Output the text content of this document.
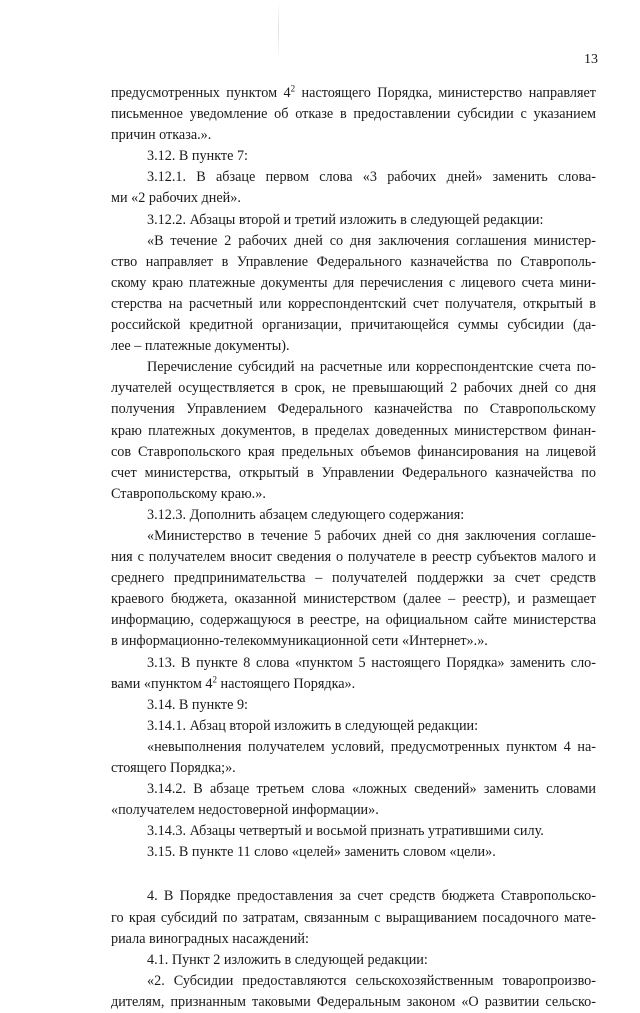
13
предусмотренных пунктом $4^2$ настоящего Порядка, министерство направляет
письменное уведомление об отказе в предоставлении субсидии с указанием
причин отказа.».
3.12. В пункте 7:
3.12.1. В абзаце первом слова «3 рабочих дней» заменить слова-
ми «2 рабочих дней».
3.12.2. Абзацы второй и третий изложить в следующей редакции:
«В течение 2 рабочих дней со дня заключения соглашения министер-
ство направляет в Управление Федерального казначейства по Ставрополь-
скому краю платежные документы для перечисления с лицевого счета мини-
стерства на расчетный или корреспондентский счет получателя, открытый в
российской кредитной организации, причитающейся суммы субсидии (да-
лее – платежные документы).
Перечисление субсидий на расчетные или корреспондентские счета по-
лучателей осуществляется в срок, не превышающий 2 рабочих дней со дня
получения Управлением Федерального казначейства по Ставропольскому
краю платежных документов, в пределах доведенных министерством финан-
сов Ставропольского края предельных объемов финансирования на лицевой
счет министерства, открытый в Управлении Федерального казначейства по
Ставропольскому краю.».
3.12.3. Дополнить абзацем следующего содержания:
«Министерство в течение 5 рабочих дней со дня заключения соглаше-
ния с получателем вносит сведения о получателе в реестр субъектов малого и
среднего предпринимательства – получателей поддержки за счет средств
краевого бюджета, оказанной министерством (далее – реестр), и размещает
информацию, содержащуюся в реестре, на официальном сайте министерства
в информационно-телекоммуникационной сети «Интернет».».
3.13. В пункте 8 слова «пунктом 5 настоящего Порядка» заменить сло-
вами «пунктом $4^2$ настоящего Порядка».
3.14. В пункте 9:
3.14.1. Абзац второй изложить в следующей редакции:
«невыполнения получателем условий, предусмотренных пунктом 4 на-
стоящего Порядка;».
3.14.2. В абзаце третьем слова «ложных сведений» заменить словами
«получателем недостоверной информации».
3.14.3. Абзацы четвертый и восьмой признать утратившими силу.
3.15. В пункте 11 слово «целей» заменить словом «цели».
4. В Порядке предоставления за счет средств бюджета Ставропольско-
го края субсидий по затратам, связанным с выращиванием посадочного мате-
риала виноградных насаждений:
4.1. Пункт 2 изложить в следующей редакции:
«2. Субсидии предоставляются сельскохозяйственным товаропроизво-
дителям, признанным таковыми Федеральным законом «О развитии сельско-
